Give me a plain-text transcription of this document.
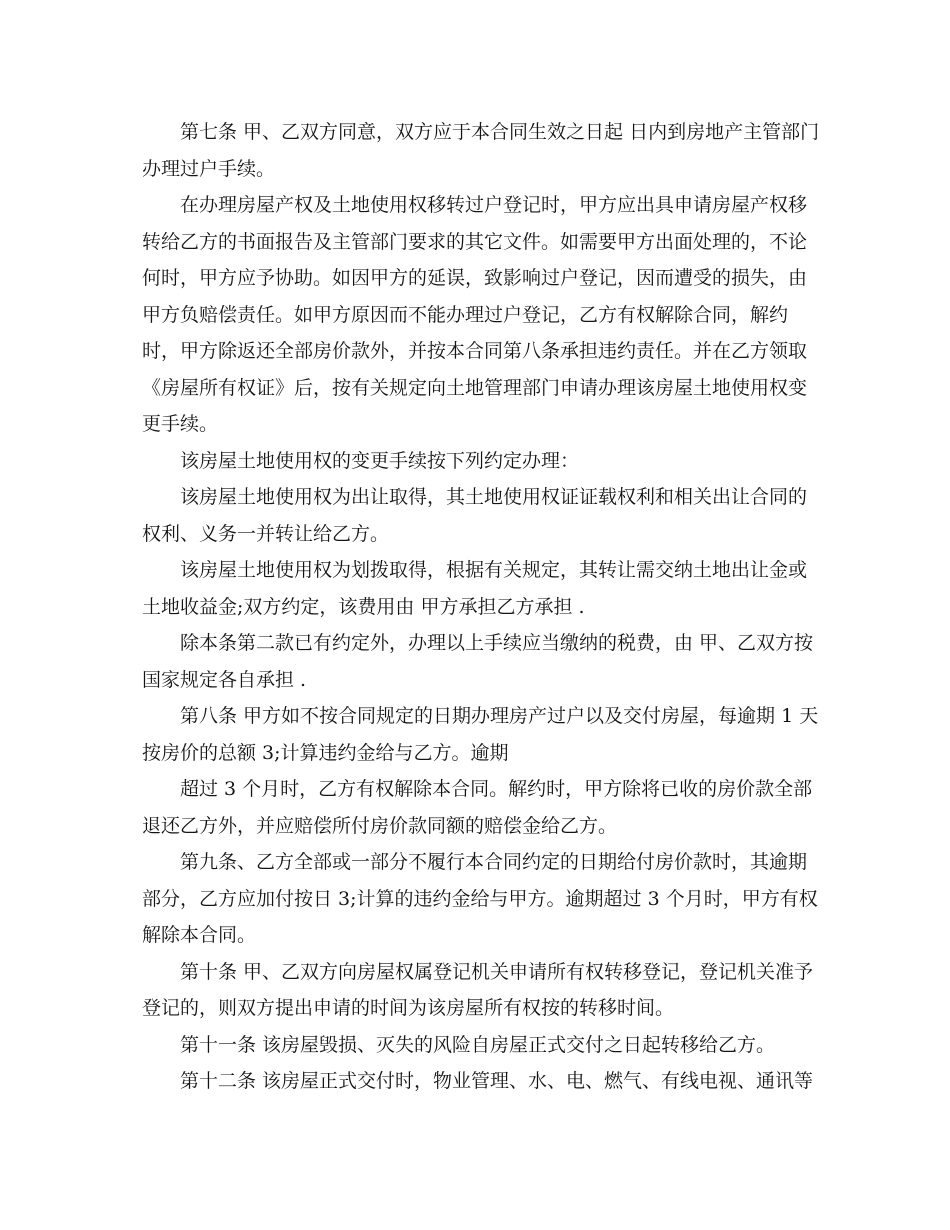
第七条 甲、乙双方同意，双方应于本合同生效之日起 日内到房地产主管部门
办理过户手续。
在办理房屋产权及土地使用权移转过户登记时，甲方应出具申请房屋产权移
转给乙方的书面报告及主管部门要求的其它文件。如需要甲方出面处理的，不论
何时，甲方应予协助。如因甲方的延误，致影响过户登记，因而遭受的损失，由
甲方负赔偿责任。如甲方原因而不能办理过户登记，乙方有权解除合同，解约
时，甲方除返还全部房价款外，并按本合同第八条承担违约责任。并在乙方领取
《房屋所有权证》后，按有关规定向土地管理部门申请办理该房屋土地使用权变
更手续。
该房屋土地使用权的变更手续按下列约定办理：
该房屋土地使用权为出让取得，其土地使用权证证载权利和相关出让合同的
权利、义务一并转让给乙方。
该房屋土地使用权为划拨取得，根据有关规定，其转让需交纳土地出让金或
土地收益金;双方约定，该费用由 甲方承担乙方承担 .
除本条第二款已有约定外，办理以上手续应当缴纳的税费，由 甲、乙双方按
国家规定各自承担 .
第八条 甲方如不按合同规定的日期办理房产过户以及交付房屋，每逾期 1 天
按房价的总额 3;计算违约金给与乙方。逾期
超过 3 个月时，乙方有权解除本合同。解约时，甲方除将已收的房价款全部
退还乙方外，并应赔偿所付房价款同额的赔偿金给乙方。
第九条、乙方全部或一部分不履行本合同约定的日期给付房价款时，其逾期
部分，乙方应加付按日 3;计算的违约金给与甲方。逾期超过 3 个月时，甲方有权
解除本合同。
第十条 甲、乙双方向房屋权属登记机关申请所有权转移登记，登记机关准予
登记的，则双方提出申请的时间为该房屋所有权按的转移时间。
第十一条 该房屋毁损、灭失的风险自房屋正式交付之日起转移给乙方。
第十二条 该房屋正式交付时，物业管理、水、电、燃气、有线电视、通讯等
